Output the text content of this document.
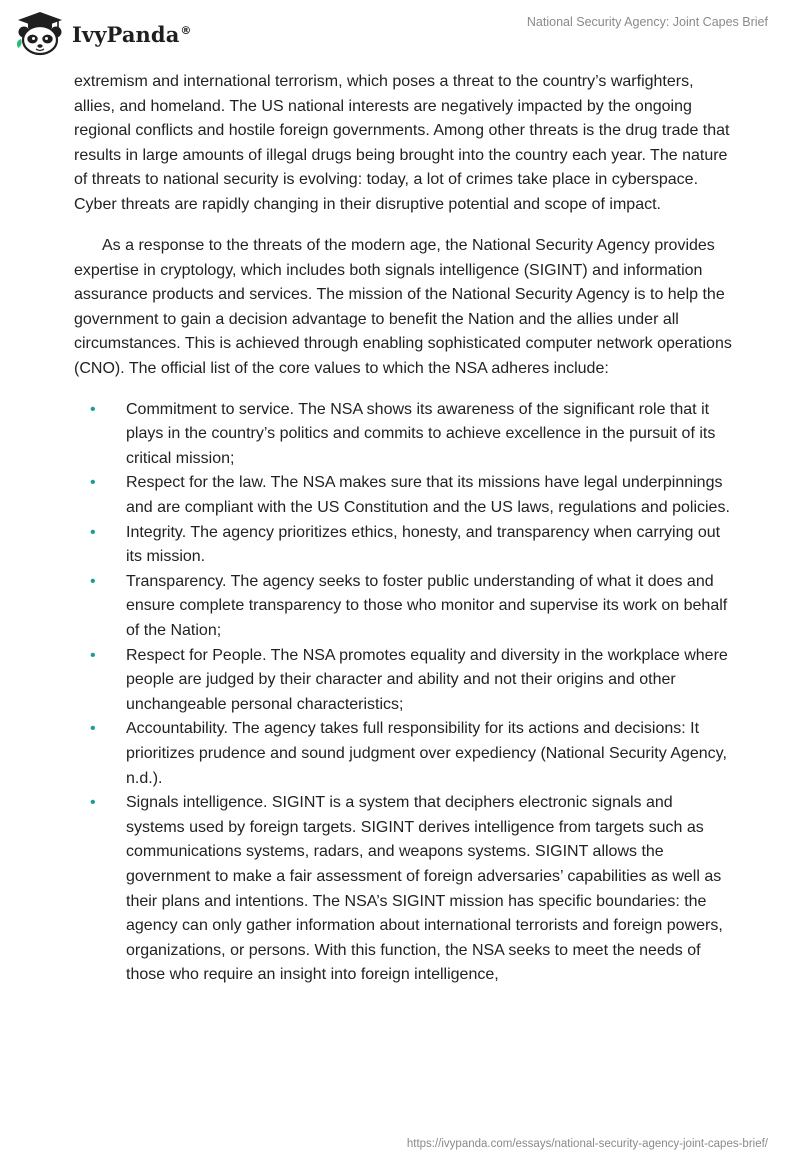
IvyPanda®
National Security Agency: Joint Capes Brief

extremism and international terrorism, which poses a threat to the country’s warfighters, allies, and homeland. The US national interests are negatively impacted by the ongoing regional conflicts and hostile foreign governments. Among other threats is the drug trade that results in large amounts of illegal drugs being brought into the country each year. The nature of threats to national security is evolving: today, a lot of crimes take place in cyberspace. Cyber threats are rapidly changing in their disruptive potential and scope of impact.

As a response to the threats of the modern age, the National Security Agency provides expertise in cryptology, which includes both signals intelligence (SIGINT) and information assurance products and services. The mission of the National Security Agency is to help the government to gain a decision advantage to benefit the Nation and the allies under all circumstances. This is achieved through enabling sophisticated computer network operations (CNO). The official list of the core values to which the NSA adheres include:

• Commitment to service. The NSA shows its awareness of the significant role that it plays in the country’s politics and commits to achieve excellence in the pursuit of its critical mission;
• Respect for the law. The NSA makes sure that its missions have legal underpinnings and are compliant with the US Constitution and the US laws, regulations and policies.
• Integrity. The agency prioritizes ethics, honesty, and transparency when carrying out its mission.
• Transparency. The agency seeks to foster public understanding of what it does and ensure complete transparency to those who monitor and supervise its work on behalf of the Nation;
• Respect for People. The NSA promotes equality and diversity in the workplace where people are judged by their character and ability and not their origins and other unchangeable personal characteristics;
• Accountability. The agency takes full responsibility for its actions and decisions: It prioritizes prudence and sound judgment over expediency (National Security Agency, n.d.).
• Signals intelligence. SIGINT is a system that deciphers electronic signals and systems used by foreign targets. SIGINT derives intelligence from targets such as communications systems, radars, and weapons systems. SIGINT allows the government to make a fair assessment of foreign adversaries’ capabilities as well as their plans and intentions. The NSA’s SIGINT mission has specific boundaries: the agency can only gather information about international terrorists and foreign powers, organizations, or persons. With this function, the NSA seeks to meet the needs of those who require an insight into foreign intelligence,
https://ivypanda.com/essays/national-security-agency-joint-capes-brief/
